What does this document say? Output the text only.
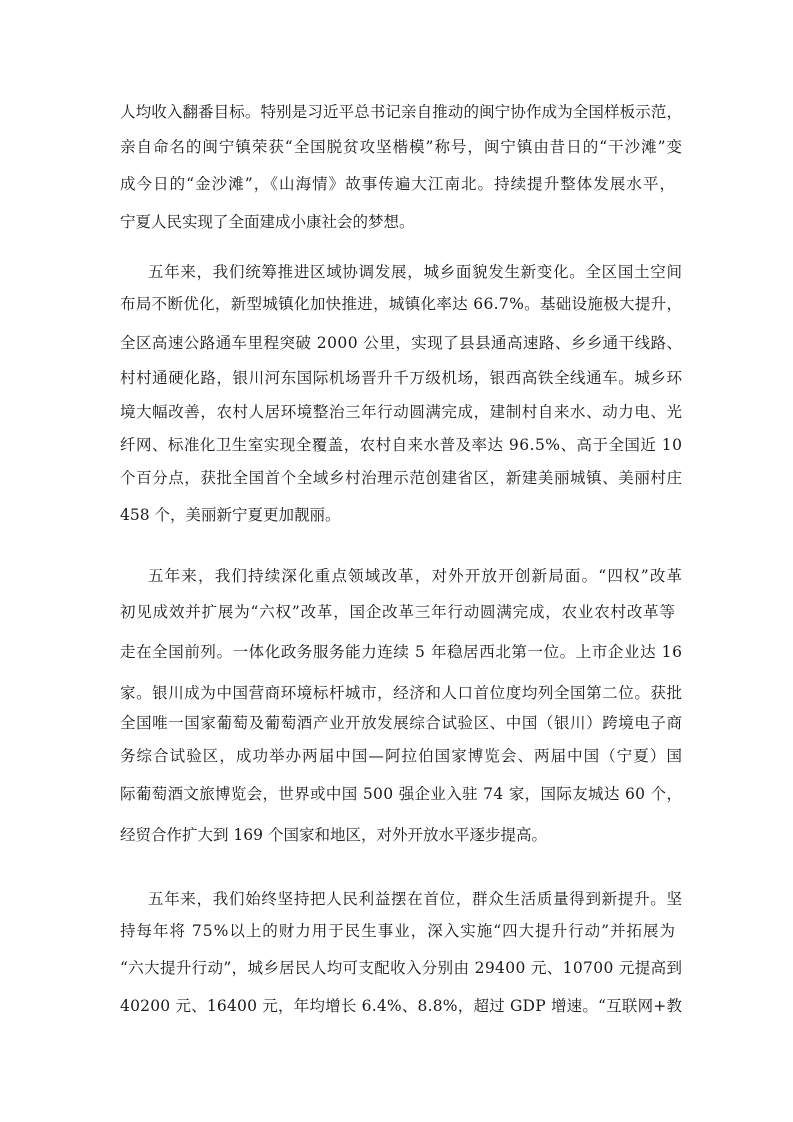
人均收入翻番目标。特别是习近平总书记亲自推动的闽宁协作成为全国样板示范，
亲自命名的闽宁镇荣获“全国脱贫攻坚楷模”称号，闽宁镇由昔日的“干沙滩”变
成今日的“金沙滩”，《山海情》故事传遍大江南北。持续提升整体发展水平，
宁夏人民实现了全面建成小康社会的梦想。
五年来，我们统筹推进区域协调发展，城乡面貌发生新变化。全区国土空间
布局不断优化，新型城镇化加快推进，城镇化率达 66.7%。基础设施极大提升，
全区高速公路通车里程突破 2000 公里，实现了县县通高速路、乡乡通干线路、
村村通硬化路，银川河东国际机场晋升千万级机场，银西高铁全线通车。城乡环
境大幅改善，农村人居环境整治三年行动圆满完成，建制村自来水、动力电、光
纤网、标准化卫生室实现全覆盖，农村自来水普及率达 96.5%、高于全国近 10
个百分点，获批全国首个全域乡村治理示范创建省区，新建美丽城镇、美丽村庄
458 个，美丽新宁夏更加靓丽。
五年来，我们持续深化重点领域改革，对外开放开创新局面。“四权”改革
初见成效并扩展为“六权”改革，国企改革三年行动圆满完成，农业农村改革等
走在全国前列。一体化政务服务能力连续 5 年稳居西北第一位。上市企业达 16
家。银川成为中国营商环境标杆城市，经济和人口首位度均列全国第二位。获批
全国唯一国家葡萄及葡萄酒产业开放发展综合试验区、中国（银川）跨境电子商
务综合试验区，成功举办两届中国—阿拉伯国家博览会、两届中国（宁夏）国
际葡萄酒文旅博览会，世界或中国 500 强企业入驻 74 家，国际友城达 60 个，
经贸合作扩大到 169 个国家和地区，对外开放水平逐步提高。
五年来，我们始终坚持把人民利益摆在首位，群众生活质量得到新提升。坚
持每年将 75%以上的财力用于民生事业，深入实施“四大提升行动”并拓展为
“六大提升行动”，城乡居民人均可支配收入分别由 29400 元、10700 元提高到
40200 元、16400 元，年均增长 6.4%、8.8%，超过 GDP 增速。“互联网+教
